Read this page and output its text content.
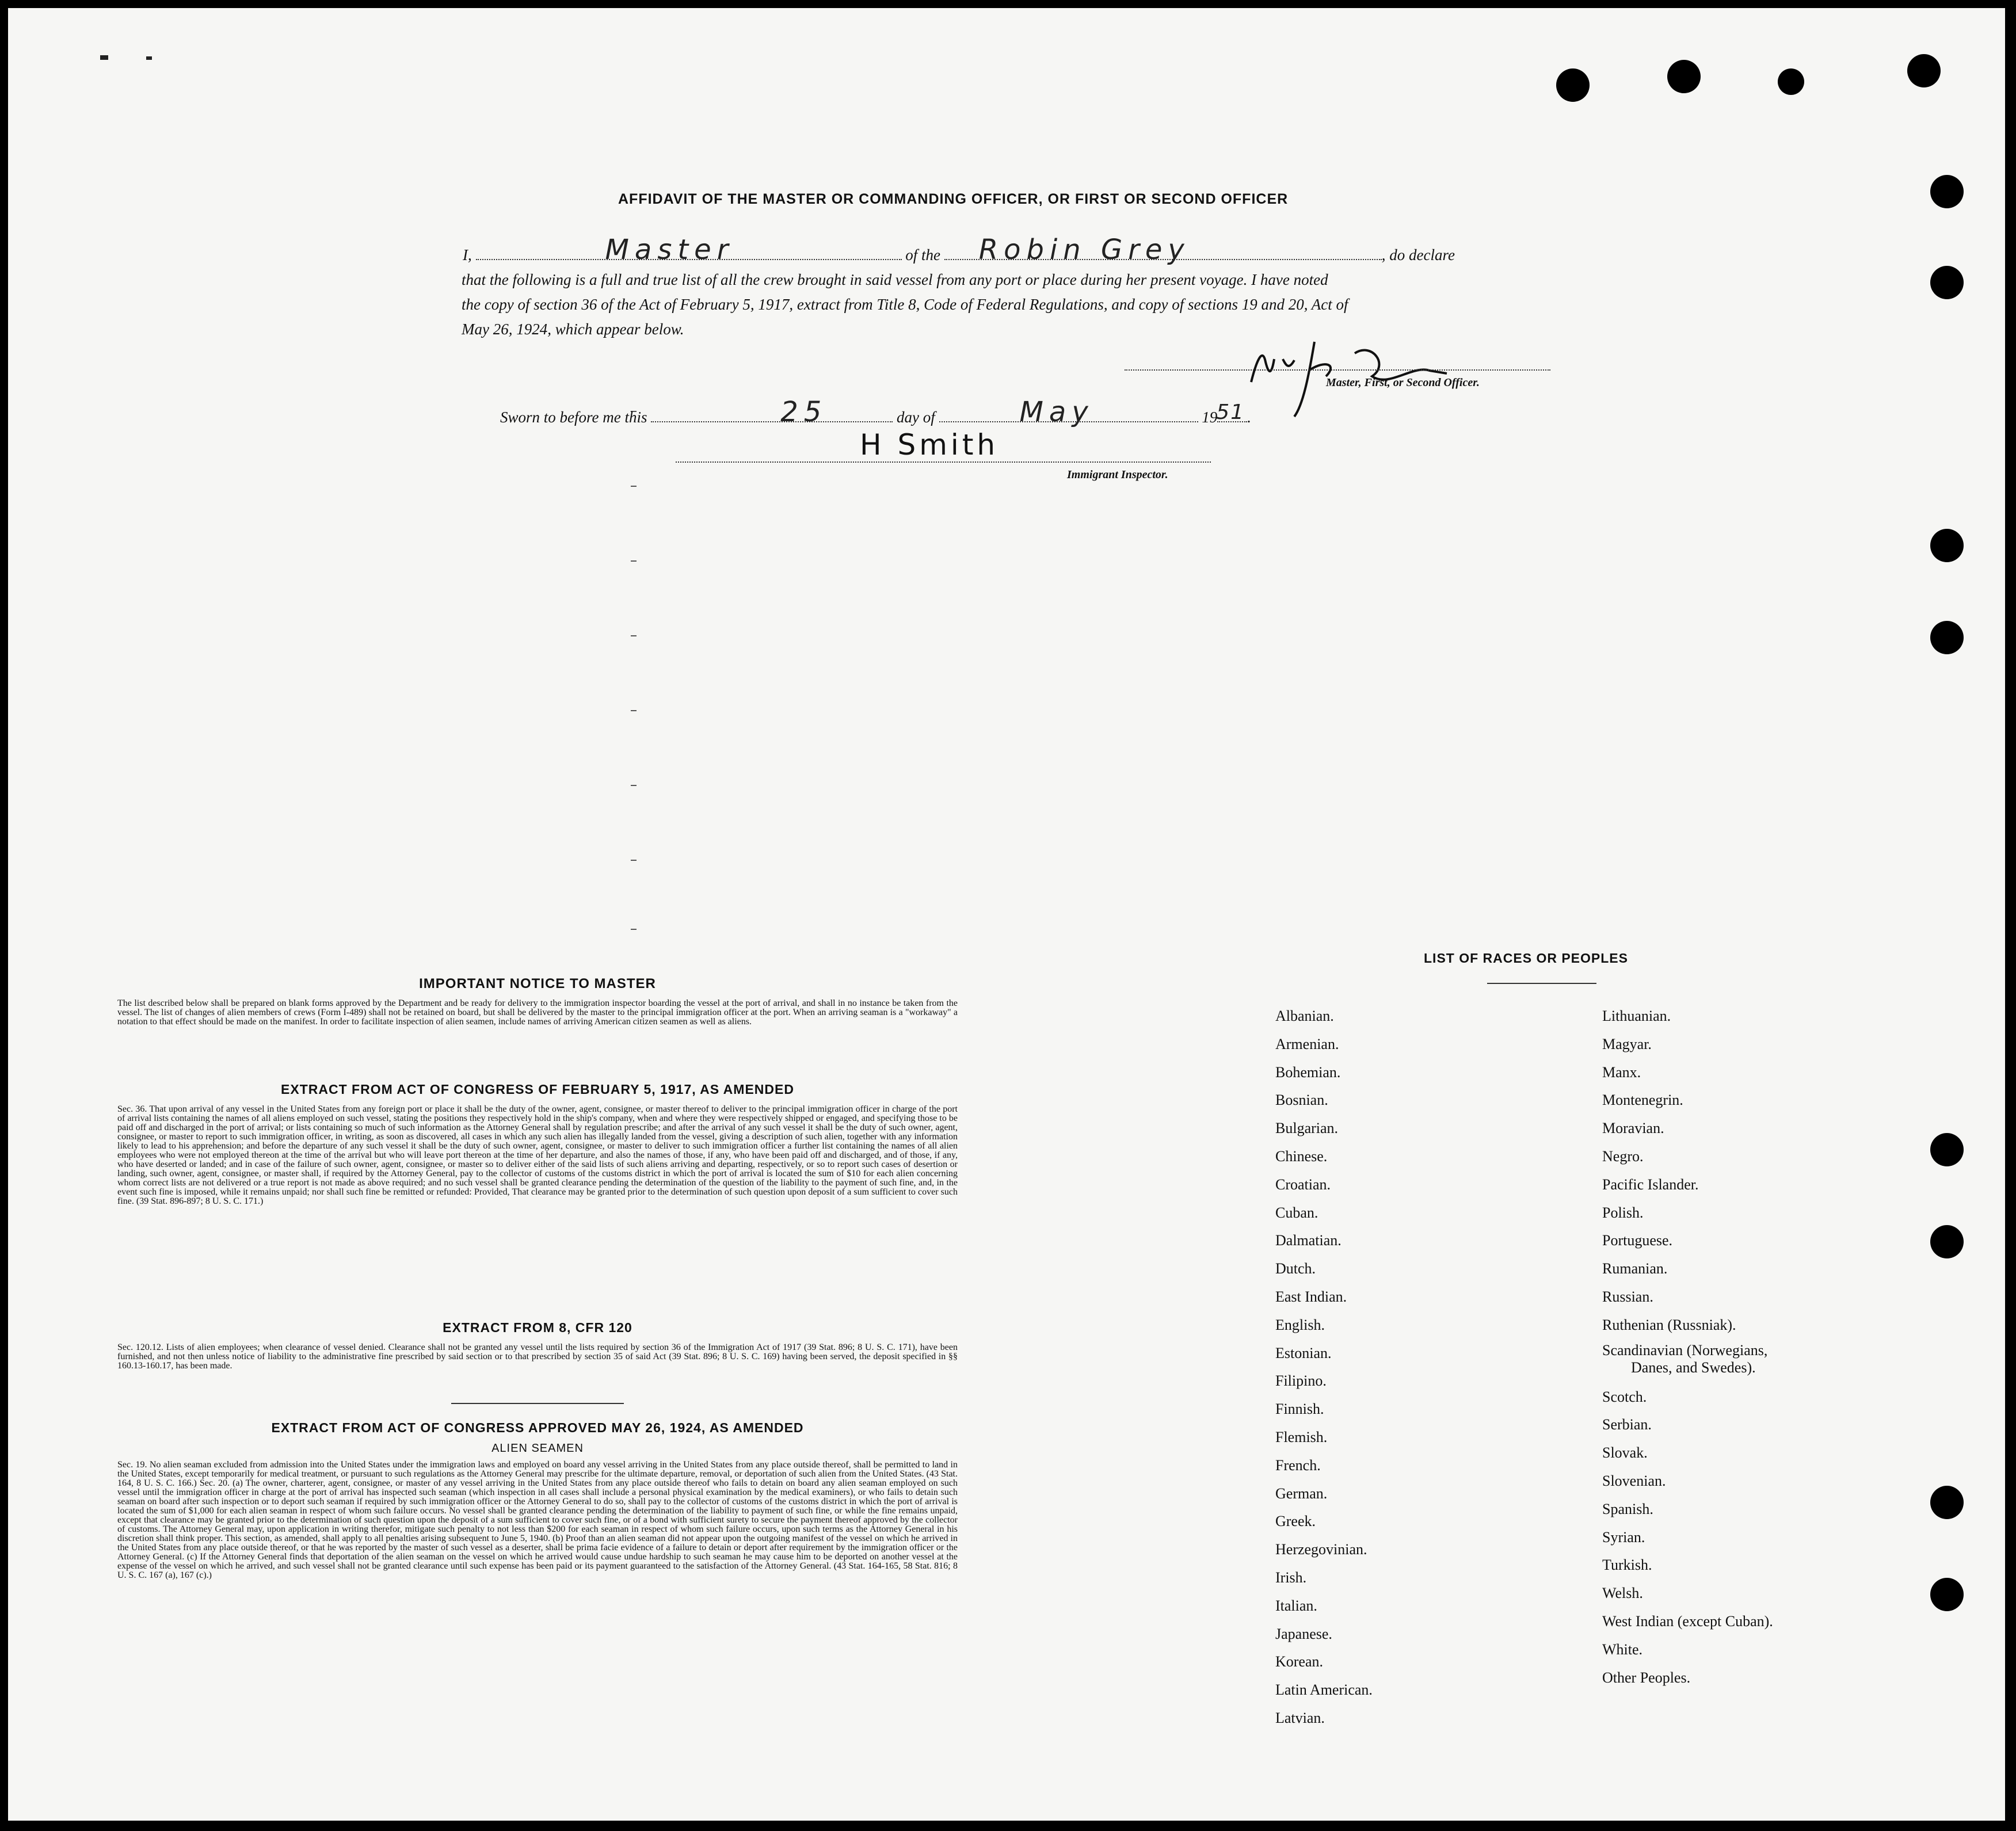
AFFIDAVIT OF THE MASTER OR COMMANDING OFFICER, OR FIRST OR SECOND OFFICER
I,	Master	of the Robin Grey	, do declare
that the following is a full and true list of all the crew brought in said vessel from any port or place during her present voyage. I have noted
the copy of section 36 of the Act of February 5, 1917, extract from Title 8, Code of Federal Regulations, and copy of sections 19 and 20, Act of
May 26, 1924, which appear below.
Master, First, or Second Officer.
Sworn to before me this	25	day of	May	19
51 .
H Smith
Immigrant Inspector.
IMPORTANT NOTICE TO MASTER
The list described below shall be prepared on blank forms approved by the Department and be ready for delivery to the immigration inspector boarding the vessel at the port of arrival, and shall in no instance be taken from the vessel. The list of changes of alien members of crews (Form I-489) shall not be retained on board, but shall be delivered by the master to the principal immigration officer at the port. When an arriving seaman is a "workaway" a notation to that effect should be made on the manifest. In order to facilitate inspection of alien seamen, include names of arriving American citizen seamen as well as aliens.
EXTRACT FROM ACT OF CONGRESS OF FEBRUARY 5, 1917, AS AMENDED
Sec. 36. That upon arrival of any vessel in the United States from any foreign port or place it shall be the duty of the owner, agent, consignee, or master thereof to deliver to the principal immigration officer in charge of the port of arrival lists containing the names of all aliens employed on such vessel, stating the positions they respectively hold in the ship's company, when and where they were respectively shipped or engaged, and specifying those to be paid off and discharged in the port of arrival; or lists containing so much of such information as the Attorney General shall by regulation prescribe; and after the arrival of any such vessel it shall be the duty of such owner, agent, consignee, or master to report to such immigration officer, in writing, as soon as discovered, all cases in which any such alien has illegally landed from the vessel, giving a description of such alien, together with any information likely to lead to his apprehension; and before the departure of any such vessel it shall be the duty of such owner, agent, consignee, or master to deliver to such immigration officer a further list containing the names of all alien employees who were not employed thereon at the time of the arrival but who will leave port thereon at the time of her departure, and also the names of those, if any, who have been paid off and discharged, and of those, if any, who have deserted or landed; and in case of the failure of such owner, agent, consignee, or master so to deliver either of the said lists of such aliens arriving and departing, respectively, or so to report such cases of desertion or landing, such owner, agent, consignee, or master shall, if required by the Attorney General, pay to the collector of customs of the customs district in which the port of arrival is located the sum of $10 for each alien concerning whom correct lists are not delivered or a true report is not made as above required; and no such vessel shall be granted clearance pending the determination of the question of the liability to the payment of such fine, and, in the event such fine is imposed, while it remains unpaid; nor shall such fine be remitted or refunded: Provided, That clearance may be granted prior to the determination of such question upon deposit of a sum sufficient to cover such fine. (39 Stat. 896-897; 8 U. S. C. 171.)
EXTRACT FROM 8, CFR 120
Sec. 120.12. Lists of alien employees; when clearance of vessel denied. Clearance shall not be granted any vessel until the lists required by section 36 of the Immigration Act of 1917 (39 Stat. 896; 8 U. S. C. 171), have been furnished, and not then unless notice of liability to the administrative fine prescribed by said section or to that prescribed by section 35 of said Act (39 Stat. 896; 8 U. S. C. 169) having been served, the deposit specified in §§ 160.13-160.17, has been made.
EXTRACT FROM ACT OF CONGRESS APPROVED MAY 26, 1924, AS AMENDED
ALIEN SEAMEN
Sec. 19. No alien seaman excluded from admission into the United States under the immigration laws and employed on board any vessel arriving in the United States from any place outside thereof, shall be permitted to land in the United States, except temporarily for medical treatment, or pursuant to such regulations as the Attorney General may prescribe for the ultimate departure, removal, or deportation of such alien from the United States. (43 Stat. 164, 8 U. S. C. 166.) Sec. 20. (a) The owner, charterer, agent, consignee, or master of any vessel arriving in the United States from any place outside thereof who fails to detain on board any alien seaman employed on such vessel until the immigration officer in charge at the port of arrival has inspected such seaman (which inspection in all cases shall include a personal physical examination by the medical examiners), or who fails to detain such seaman on board after such inspection or to deport such seaman if required by such immigration officer or the Attorney General to do so, shall pay to the collector of customs of the customs district in which the port of arrival is located the sum of $1,000 for each alien seaman in respect of whom such failure occurs. No vessel shall be granted clearance pending the determination of the liability to payment of such fine, or while the fine remains unpaid, except that clearance may be granted prior to the determination of such question upon the deposit of a sum sufficient to cover such fine, or of a bond with sufficient surety to secure the payment thereof approved by the collector of customs. The Attorney General may, upon application in writing therefor, mitigate such penalty to not less than $200 for each seaman in respect of whom such failure occurs, upon such terms as the Attorney General in his discretion shall think proper. This section, as amended, shall apply to all penalties arising subsequent to June 5, 1940. (b) Proof than an alien seaman did not appear upon the outgoing manifest of the vessel on which he arrived in the United States from any place outside thereof, or that he was reported by the master of such vessel as a deserter, shall be prima facie evidence of a failure to detain or deport after requirement by the immigration officer or the Attorney General. (c) If the Attorney General finds that deportation of the alien seaman on the vessel on which he arrived would cause undue hardship to such seaman he may cause him to be deported on another vessel at the expense of the vessel on which he arrived, and such vessel shall not be granted clearance until such expense has been paid or its payment guaranteed to the satisfaction of the Attorney General. (43 Stat. 164-165, 58 Stat. 816; 8 U. S. C. 167 (a), 167 (c).)
LIST OF RACES OR PEOPLES
Albanian.
Armenian.
Bohemian.
Bosnian.
Bulgarian.
Chinese.
Croatian.
Cuban.
Dalmatian.
Dutch.
East Indian.
English.
Estonian.
Filipino.
Finnish.
Flemish.
French.
German.
Greek.
Herzegovinian.
Irish.
Italian.
Japanese.
Korean.
Latin American.
Latvian.
Lithuanian.
Magyar.
Manx.
Montenegrin.
Moravian.
Negro.
Pacific Islander.
Polish.
Portuguese.
Rumanian.
Russian.
Ruthenian (Russniak).
Scandinavian (Norwegians,
Danes, and Swedes).
Scotch.
Serbian.
Slovak.
Slovenian.
Spanish.
Syrian.
Turkish.
Welsh.
West Indian (except Cuban).
White.
Other Peoples.
